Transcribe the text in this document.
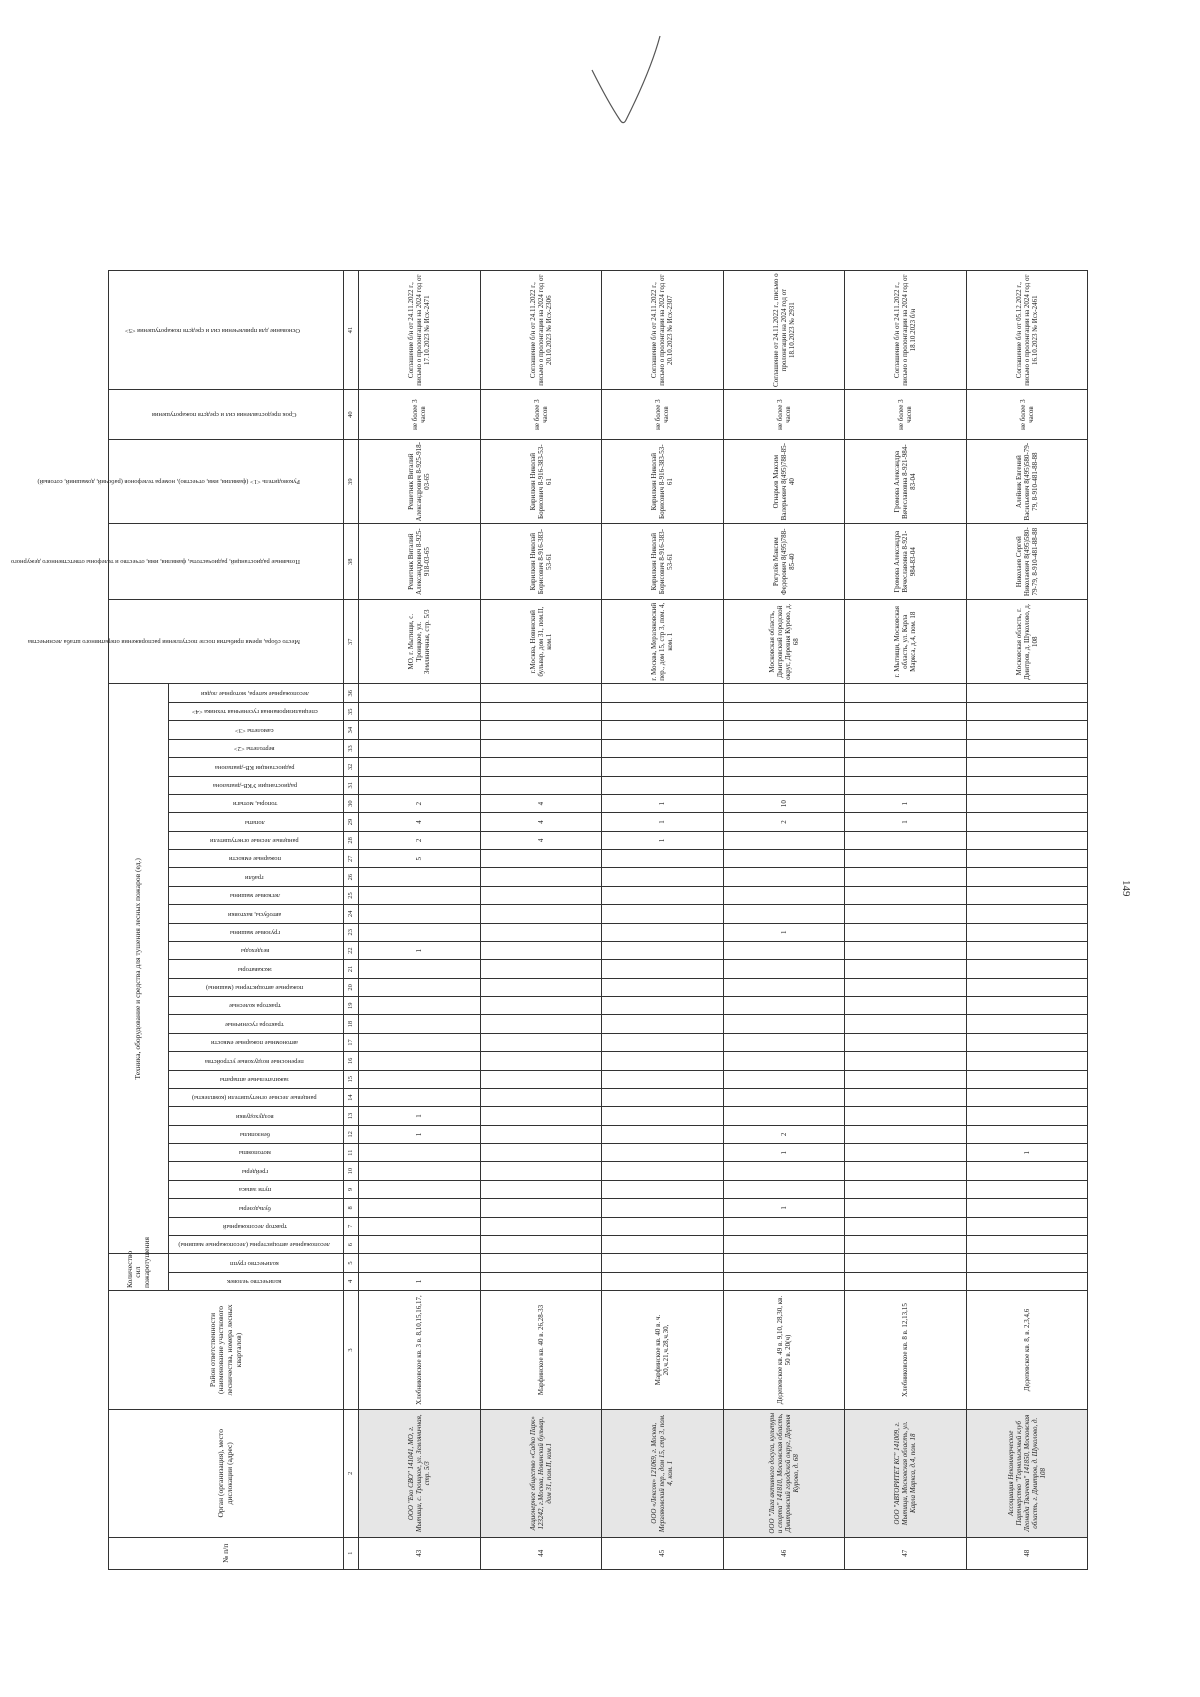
149
№ п/п	Орган (организация), место дислокации (адрес)	Район ответственности (наименование участкового лесничества, номера лесных кварталов)	Количество сил пожаротушения		Техника, оборудование и средства для тушения лесных пожаров (ед.)																															Место сбора, время прибытия после поступления распоряжения оперативного штаба лесничества	Позывные радиостанций, радиочастоты, фамилия, имя, отчество и телефоны ответственного дежурного	Руководитель <1> (фамилия, имя, отчество), номера телефонов (рабочий, домашний, сотовый)	Срок предоставления сил и средств пожаротушения	Основание для привлечения сил и средств пожаротушения <5>
			количество человек	количество групп	лесопожарные автоцистерны (лесопожарные машины)	трактор лесопожарный	бульдозеры	пути запаса	грейдеры	мотопомпы	бензопилы	воздуходувки	ранцевые лесные огнетушители (комплекты)	зажигательные аппараты	переносные воздуховые устройства	автономные пожарные емкости	трактора гусеничные	трактора колесные	пожарные автоцистерны (машины)	экскаваторы	вездеходы	грузовые машины	автобусы, вахтовки	легковые машины	грабли	пожарные емкости	ранцевые лесные огнетушители	лопаты	топоры, мотыги	радиостанции УКВ-диапазона	радиостанции КВ-диапазона	вертолеты <2>	самолеты <3>	специализированная гусеничная техника <4>	лесопожарные катера, моторные лодки					
1	2	3	4	5	6	7	8	9	10	11	12	13	14	15	16	17	18	19	20	21	22	23	24	25	26	27	28	29	30	31	32	33	34	35	36	37	38	39	40	41
43	ООО "Еко СВО" 141041, МО, г. Мытищи, с. Троицкое, ул. Земляничная, стр. 5/3	Хлебниковское кв. 3 в. 8,10,15,16,17,	1								1	1									1					5	2	4	2							МО, г. Мытищи, с. Троицкое, ул. Земляничная, стр. 5/3	Решетняк Виталий Александрович 8-925-918-03-65	Решетняк Виталий Александрович 8-925-918-03-65	не более 3 часов	Соглашение б/н от 24.11.2022 г., письмо о пролонгации на 2024 год от 17.10.2023 № Исх-2471
44	Акционерное общество «Садко Парк» 123242, г.Москва, Новинский бульвар, дом 31, пом.II, ком.1	Марфинское кв. 40 в. 26,28-33																									4	4	4							г.Москва, Новинский бульвар, дом 31, пом.II, ком.1	Кирилкин Николай Борисович 8-916-383-53-61	Кирилкин Николай Борисович 8-916-383-53-61	не более 3 часов	Соглашение б/н от 24.11.2022 г., письмо о пролонгации на 2024 год от 20.10.2023 № Исх-2306
45	ООО «Лексон» 121069, г. Москва, Мерзляковский пер., дом 15, стр 3, пом. 4, ком. 1	Марфинское кв. 40 в. ч. 20,ч.21,ч.28,ч.30,																									1	1	1							г. Москва, Мерзляковский пер., дом 15, стр 3, пом. 4, ком. 1	Кирилкин Николай Борисович 8-916-383-53-61	Кирилкин Николай Борисович 8-916-383-53-61	не более 3 часов	Соглашение б/н от 24.11.2022 г., письмо о пролонгации на 2024 год от 20.10.2023 № Исх-2307
46	ООО "Лига активного досуга, культуры и спорта" 141810, Московская область, Дмитровский городской округ, Деревня Курово, д. 68	Дедепевское кв. 49 в. 9,10, 28,30, кв. 50 в. 20(ч)					1			1	2											1						2	10							Московская область, Дмитровский городской округ, Деревня Курово, д. 68	Рогулёв Максим Федорович 8(495)788-85-40	Огнарьев Максим Валерьевич 8(495)788-85-40	не более 3 часов	Соглашение от 24.11.2022 г., письмо о пролонгации на 2024 год от 18.10.2023 № 2931
47	ООО "АВТОРИТЕТ КС" 141009, г. Мытищи, Московская область, ул. Карла Маркса, д.4, пом. 18	Хлебниковское кв. 8 в. 12,13,15																										1	1							г. Мытищи, Московская область, ул. Карла Маркса, д.4, пом. 18	Громова Александра Вячеславовна 8-921-984-83-04	Громова Александра Вячеславовна 8-921-984-83-04	не более 3 часов	Соглашение б/н от 24.11.2022 г., письмо о пролонгации на 2024 год от 18.10.2023 б/н
48	Ассоциация Некоммерческое Партнерство "Горнолыжный клуб Леонида Тягачева" 141850, Московская область, г. Дмитров, д. Шуколово, д. 108	Дедепевское кв. 8, в. 2,3,4,6								1																										Московская область, г. Дмитров, д. Шуколово, д. 108	Николаев Сергей Николаевич 8(495)580-79-79, 8-910-481-88-88	Алейник Евгений Васильевич 8(495)580-79-79, 8-910-481-88-88	не более 3 часов	Соглашение б/н от 05.12.2022 г., письмо о пролонгации на 2024 год от 16.10.2023 № Исх-2461
